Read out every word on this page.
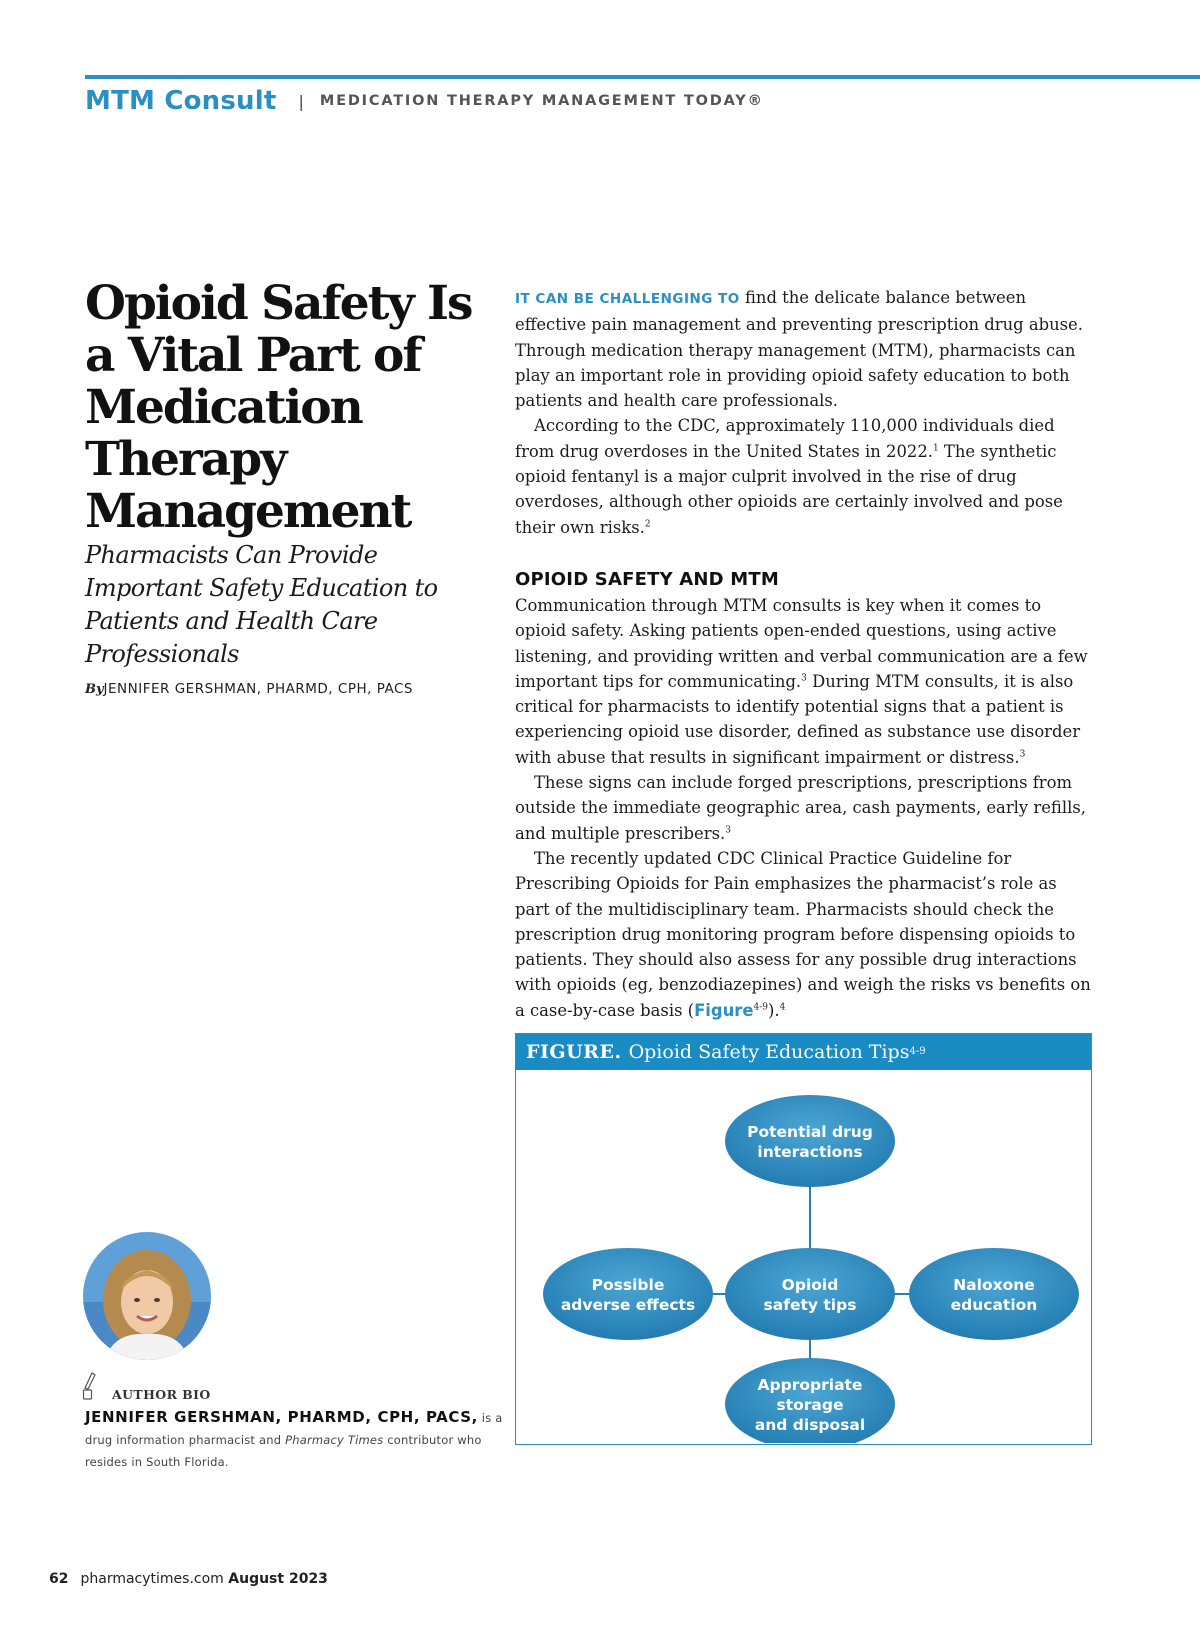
MTM Consult | MEDICATION THERAPY MANAGEMENT TODAY®
Opioid Safety Is a Vital Part of Medication Therapy Management

Pharmacists Can Provide Important Safety Education to Patients and Health Care Professionals

ByJENNIFER GERSHMAN, PHARMD, CPH, PACS

IT CAN BE CHALLENGING TO find the delicate balance between effective pain management and preventing prescription drug abuse. Through medication therapy management (MTM), pharmacists can play an important role in providing opioid safety education to both patients and health care professionals.

According to the CDC, approximately 110,000 individuals died from drug overdoses in the United States in 2022.$^1$ The synthetic opioid fentanyl is a major culprit involved in the rise of drug overdoses, although other opioids are certainly involved and pose their own risks.$^2$

OPIOID SAFETY AND MTM

Communication through MTM consults is key when it comes to opioid safety. Asking patients open-ended questions, using active listening, and providing written and verbal communication are a few important tips for communicating.$^3$ During MTM consults, it is also critical for pharmacists to identify potential signs that a patient is experiencing opioid use disorder, defined as substance use disorder with abuse that results in significant impairment or distress.$^3$

These signs can include forged prescriptions, prescriptions from outside the immediate geographic area, cash payments, early refills, and multiple prescribers.$^3$

The recently updated CDC Clinical Practice Guideline for Prescribing Opioids for Pain emphasizes the pharmacist’s role as part of the multidisciplinary team. Pharmacists should check the prescription drug monitoring program before dispensing opioids to patients. They should also assess for any possible drug interactions with opioids (eg, benzodiazepines) and weigh the risks vs benefits on a case-by-case basis (Figure$^{4-9}$).$^4$

FIGURE. Opioid Safety Education Tips 4-9
Potential drug
interactions
Possible
adverse effects
Opioid
safety tips
Naloxone
education
Appropriate
storage
and disposal
AUTHOR BIO
JENNIFER GERSHMAN, PHARMD, CPH, PACS, is a drug information pharmacist and Pharmacy Times contributor who resides in South Florida.
62 pharmacytimes.com August 2023
